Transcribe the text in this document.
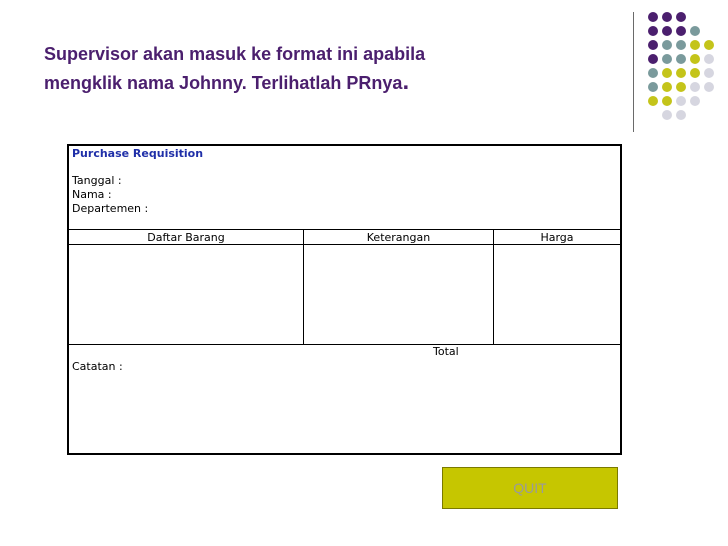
Supervisor akan masuk ke format ini apabila
mengklik nama Johnny. Terlihatlah PRnya.
Purchase Requisition
Tanggal :
Nama :
Departemen :
Daftar Barang	Keterangan	Harga
Total
Catatan :
QUIT
